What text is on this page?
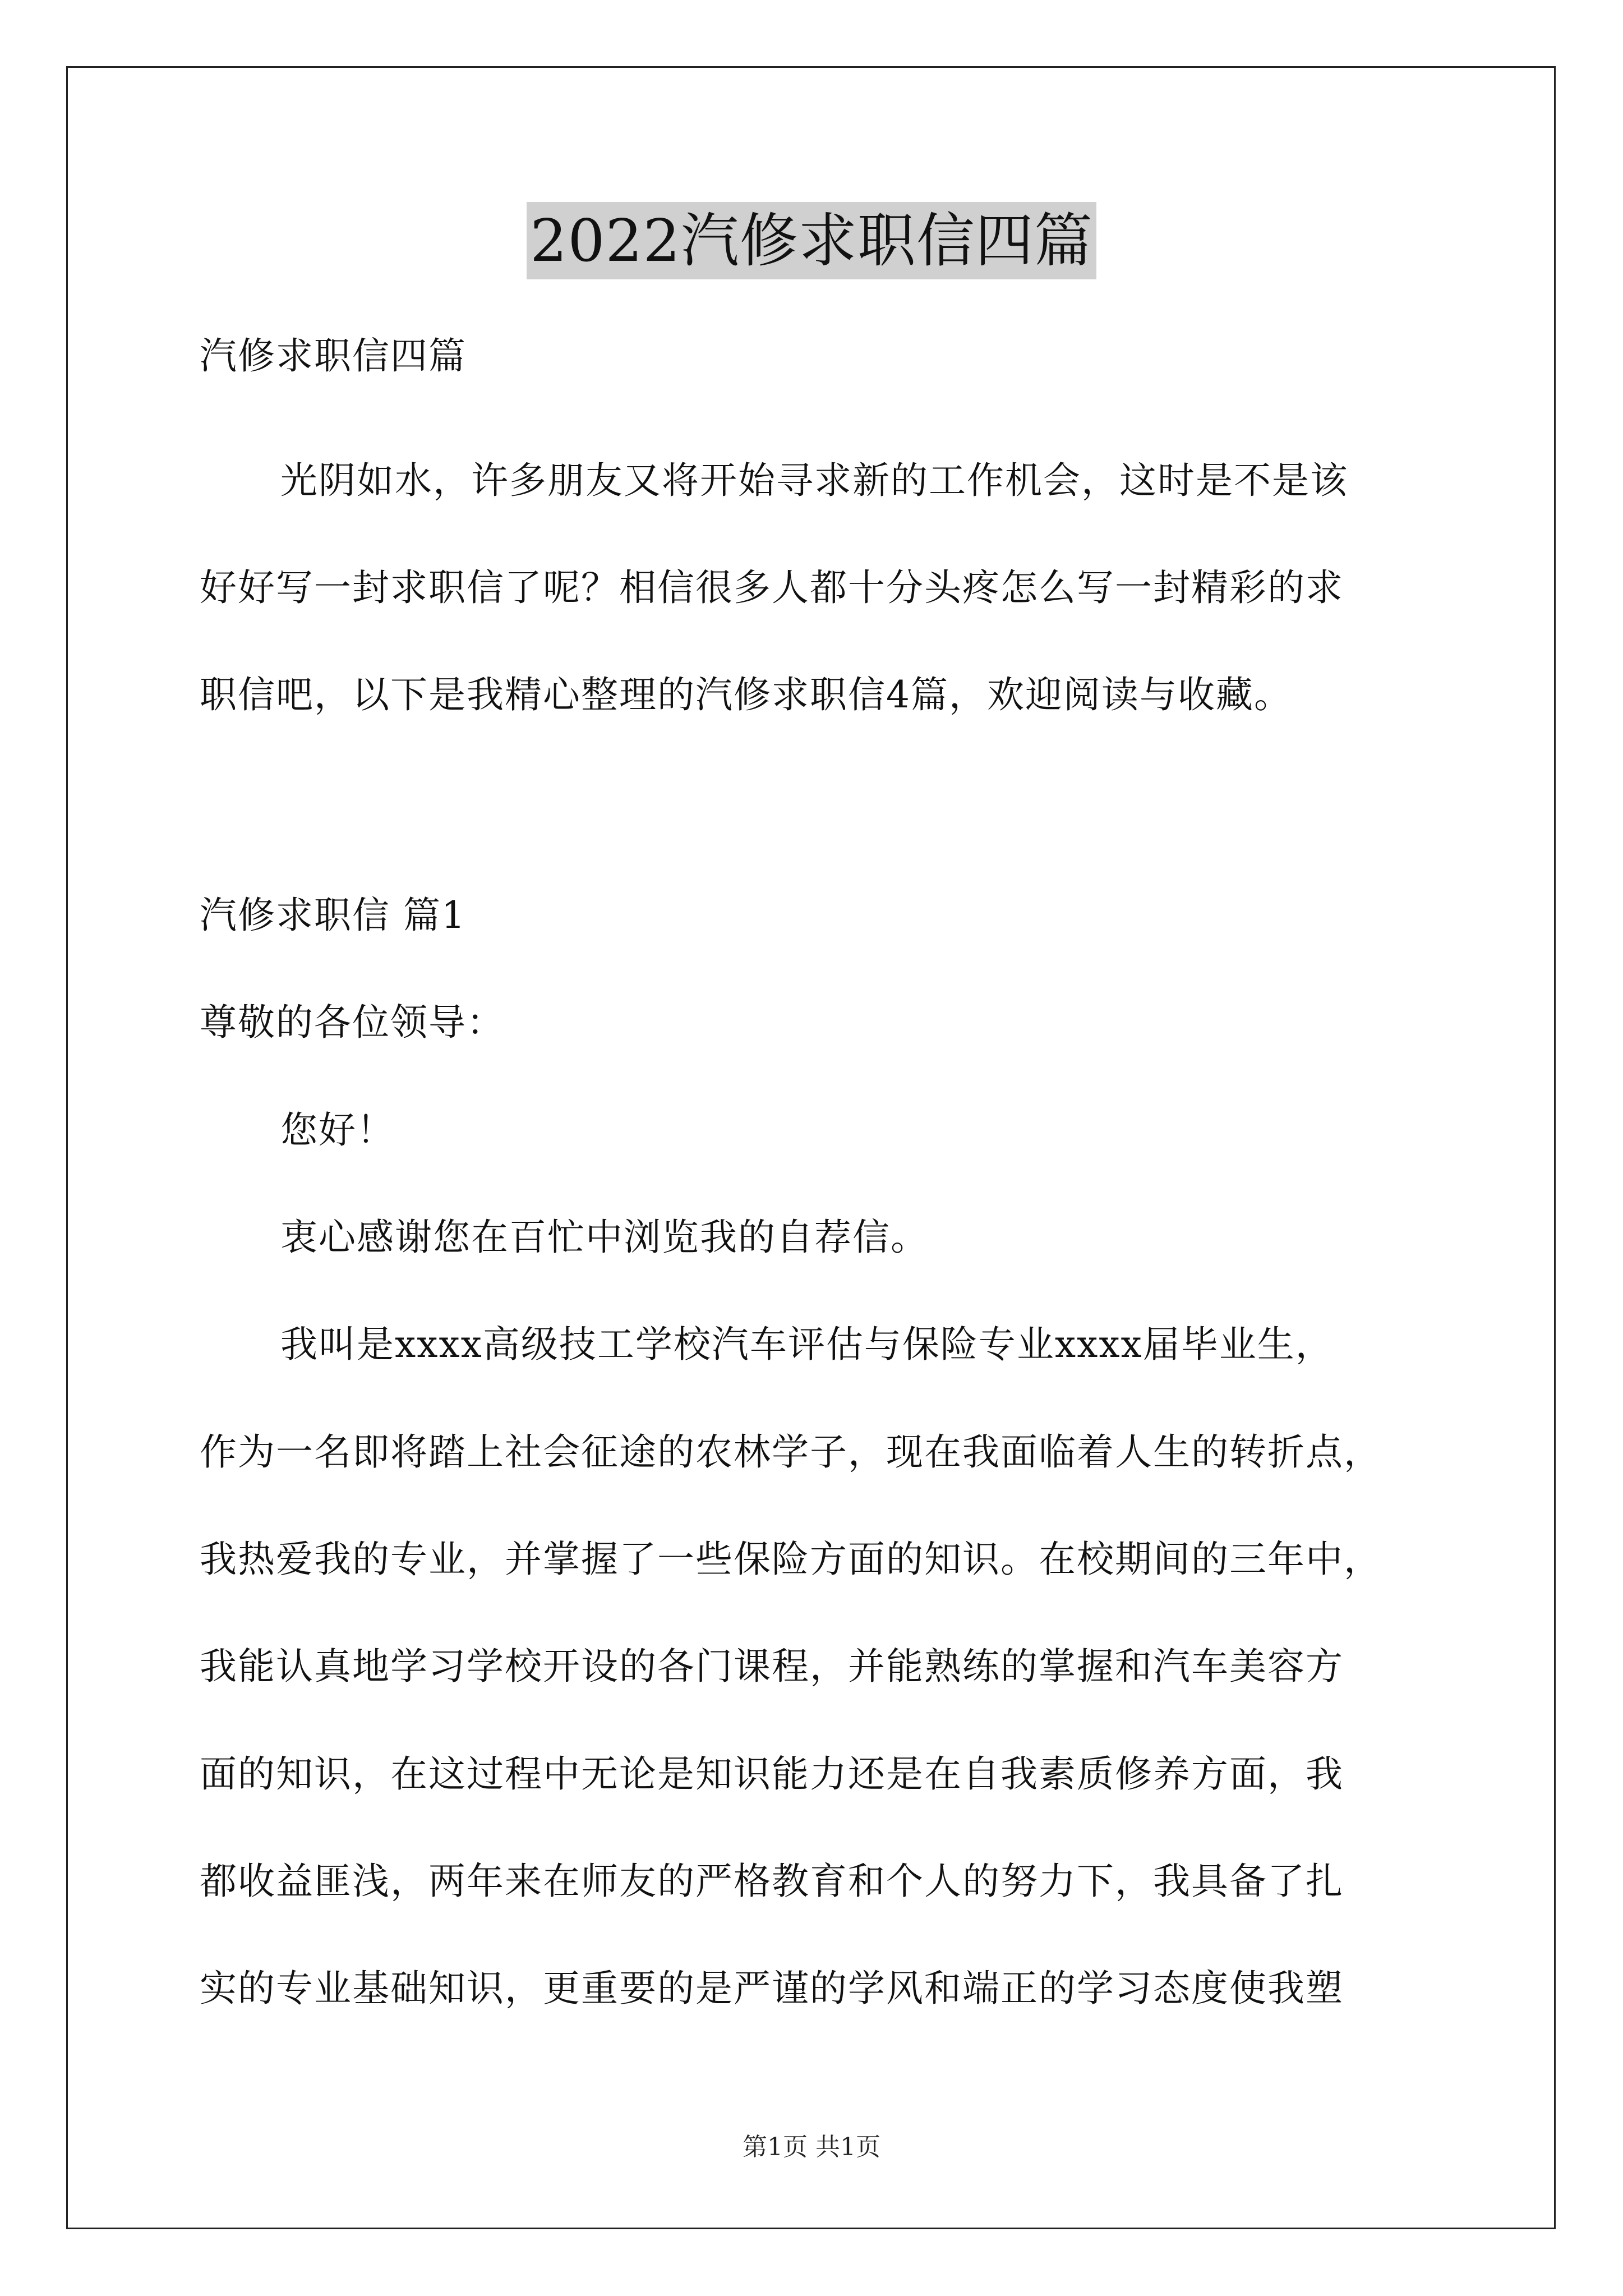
2022汽修求职信四篇
汽修求职信四篇
光阴如水，许多朋友又将开始寻求新的工作机会，这时是不是该
好好写一封求职信了呢？相信很多人都十分头疼怎么写一封精彩的求
职信吧，以下是我精心整理的汽修求职信4篇，欢迎阅读与收藏。
汽修求职信 篇1
尊敬的各位领导：
您好！
衷心感谢您在百忙中浏览我的自荐信。
我叫是xxxx高级技工学校汽车评估与保险专业xxxx届毕业生，
作为一名即将踏上社会征途的农林学子，现在我面临着人生的转折点，
我热爱我的专业，并掌握了一些保险方面的知识。在校期间的三年中，
我能认真地学习学校开设的各门课程，并能熟练的掌握和汽车美容方
面的知识，在这过程中无论是知识能力还是在自我素质修养方面，我
都收益匪浅，两年来在师友的严格教育和个人的努力下，我具备了扎
实的专业基础知识，更重要的是严谨的学风和端正的学习态度使我塑
第1页 共1页
